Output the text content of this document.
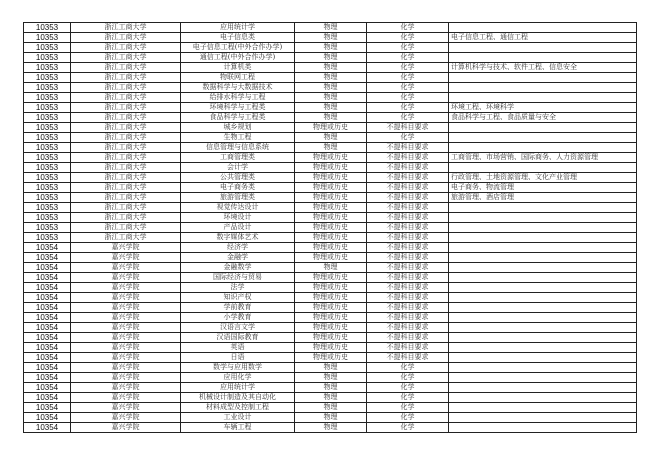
10353	浙江工商大学	应用统计学	物理	化学	
10353	浙江工商大学	电子信息类	物理	化学	电子信息工程、通信工程
10353	浙江工商大学	电子信息工程(中外合作办学)	物理	化学	
10353	浙江工商大学	通信工程(中外合作办学)	物理	化学	
10353	浙江工商大学	计算机类	物理	化学	计算机科学与技术、软件工程、信息安全
10353	浙江工商大学	物联网工程	物理	化学	
10353	浙江工商大学	数据科学与大数据技术	物理	化学	
10353	浙江工商大学	给排水科学与工程	物理	化学	
10353	浙江工商大学	环境科学与工程类	物理	化学	环境工程、环境科学
10353	浙江工商大学	食品科学与工程类	物理	化学	食品科学与工程、食品质量与安全
10353	浙江工商大学	城乡规划	物理或历史	不提科目要求	
10353	浙江工商大学	生物工程	物理	化学	
10353	浙江工商大学	信息管理与信息系统	物理	不提科目要求	
10353	浙江工商大学	工商管理类	物理或历史	不提科目要求	工商管理、市场营销、国际商务、人力资源管理
10353	浙江工商大学	会计学	物理或历史	不提科目要求	
10353	浙江工商大学	公共管理类	物理或历史	不提科目要求	行政管理、土地资源管理、文化产业管理
10353	浙江工商大学	电子商务类	物理或历史	不提科目要求	电子商务、物流管理
10353	浙江工商大学	旅游管理类	物理或历史	不提科目要求	旅游管理、酒店管理
10353	浙江工商大学	视觉传达设计	物理或历史	不提科目要求	
10353	浙江工商大学	环境设计	物理或历史	不提科目要求	
10353	浙江工商大学	产品设计	物理或历史	不提科目要求	
10353	浙江工商大学	数字媒体艺术	物理或历史	不提科目要求	
10354	嘉兴学院	经济学	物理或历史	不提科目要求	
10354	嘉兴学院	金融学	物理或历史	不提科目要求	
10354	嘉兴学院	金融数学	物理	不提科目要求	
10354	嘉兴学院	国际经济与贸易	物理或历史	不提科目要求	
10354	嘉兴学院	法学	物理或历史	不提科目要求	
10354	嘉兴学院	知识产权	物理或历史	不提科目要求	
10354	嘉兴学院	学前教育	物理或历史	不提科目要求	
10354	嘉兴学院	小学教育	物理或历史	不提科目要求	
10354	嘉兴学院	汉语言文学	物理或历史	不提科目要求	
10354	嘉兴学院	汉语国际教育	物理或历史	不提科目要求	
10354	嘉兴学院	英语	物理或历史	不提科目要求	
10354	嘉兴学院	日语	物理或历史	不提科目要求	
10354	嘉兴学院	数学与应用数学	物理	化学	
10354	嘉兴学院	应用化学	物理	化学	
10354	嘉兴学院	应用统计学	物理	化学	
10354	嘉兴学院	机械设计制造及其自动化	物理	化学	
10354	嘉兴学院	材料成型及控制工程	物理	化学	
10354	嘉兴学院	工业设计	物理	化学	
10354	嘉兴学院	车辆工程	物理	化学	
